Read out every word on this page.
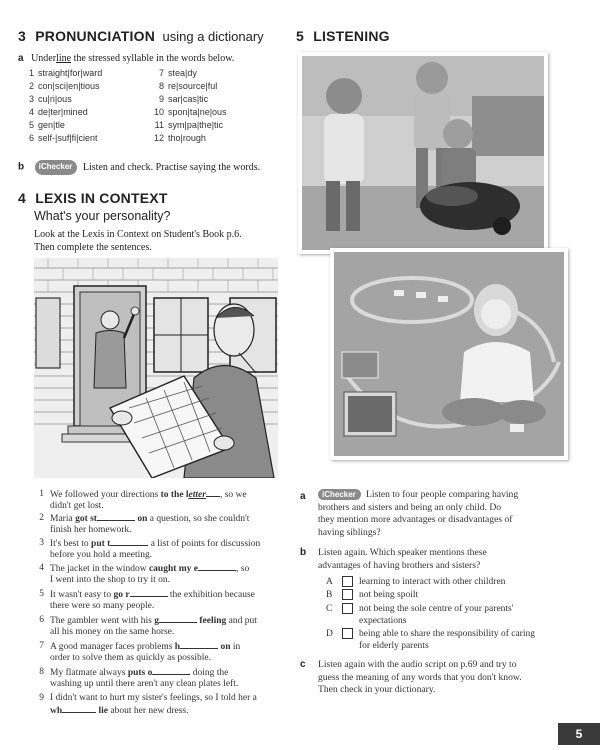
3 PRONUNCIATION using a dictionary
a Underline the stressed syllable in the words below.
1 straight|for|ward
2 con|sci|en|tious
3 cu|ri|ous
4 de|ter|mined
5 gen|tle
6 self-|suf|fi|cient
7 stea|dy
8 re|source|ful
9 sar|cas|tic
10 spon|ta|ne|ous
11 sym|pa|the|tic
12 tho|rough
b iChecker Listen and check. Practise saying the words.
4 LEXIS IN CONTEXT
What's your personality?
Look at the Lexis in Context on Student's Book p.6.
Then complete the sentences.
1 We followed your directions to the letter , so we
didn't get lost.
2 Maria got st	on a question, so she couldn't
finish her homework.
3 It's best to put t	a list of points for discussion
before you hold a meeting.
4 The jacket in the window caught my e	, so
I went into the shop to try it on.
5 It wasn't easy to go r	the exhibition because
there were so many people.
6 The gambler went with his g	feeling and put
all his money on the same horse.
7 A good manager faces problems h	on in
order to solve them as quickly as possible.
8 My flatmate always puts o	doing the
washing up until there aren't any clean plates left.
9 I didn't want to hurt my sister's feelings, so I told her a
wh	lie about her new dress.
5 LISTENING
a	Listen to four people comparing having
brothers and sisters and being an only child. Do
they mention more advantages or disadvantages of
having siblings?
iChecker
b Listen again. Which speaker mentions these
advantages of having brothers and sisters?
A	learning to interact with other children
B	not being spoilt
C	not being the sole centre of your parents'
expectations
D	being able to share the responsibility of caring
for elderly parents
c Listen again with the audio script on p.69 and try to
guess the meaning of any words that you don't know.
Then check in your dictionary.
5
